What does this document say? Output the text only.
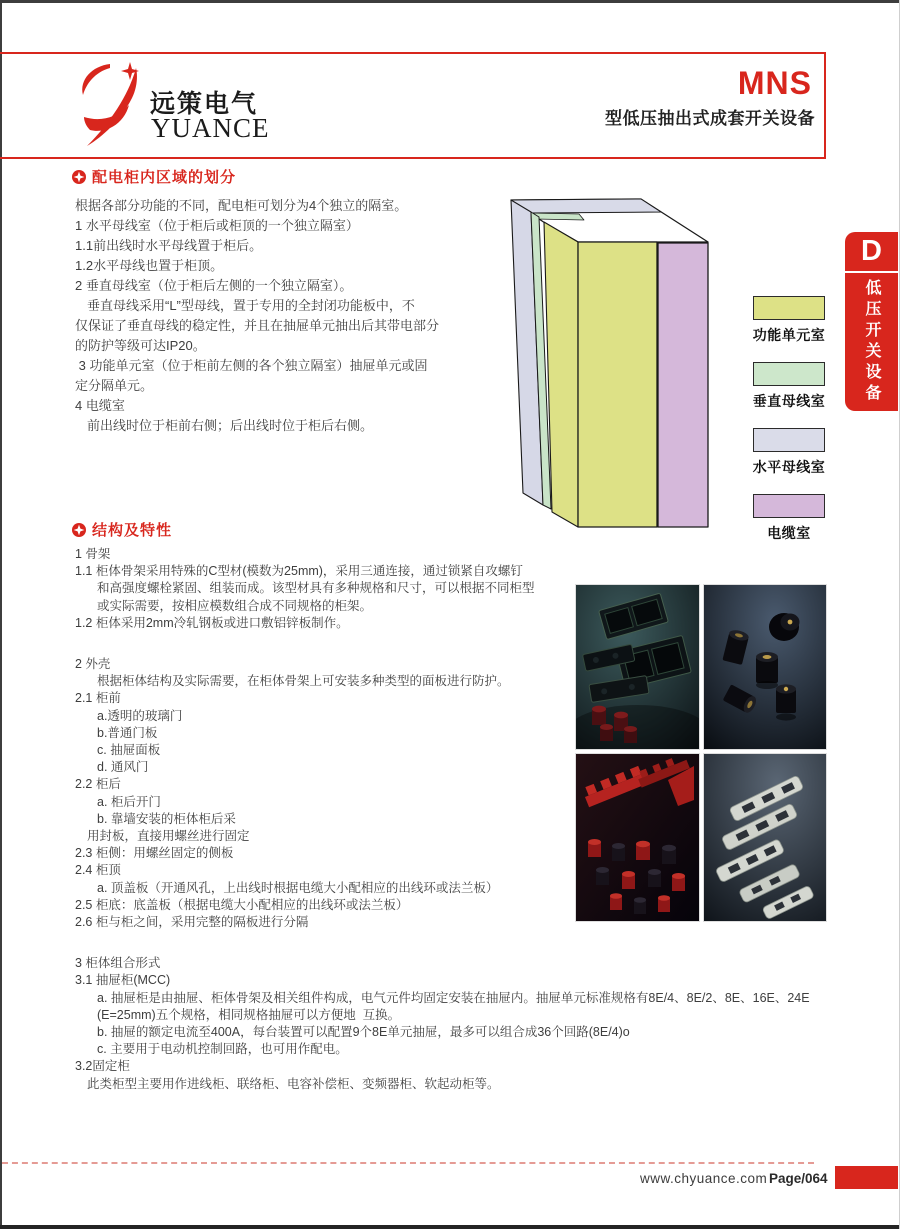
远策电气
YUANCE
MNS
型低压抽出式成套开关设备
配电柜内区域的划分
根据各部分功能的不同，配电柜可划分为4个独立的隔室。
1 水平母线室（位于柜后或柜顶的一个独立隔室）
1.1前出线时水平母线置于柜后。
1.2水平母线也置于柜顶。
2 垂直母线室（位于柜后左侧的一个独立隔室）。
垂直母线采用“L”型母线，置于专用的全封闭功能板中，不
仅保证了垂直母线的稳定性，并且在抽屉单元抽出后其带电部分
的防护等级可达IP20。
3 功能单元室（位于柜前左侧的各个独立隔室）抽屉单元或固
定分隔单元。
4 电缆室
前出线时位于柜前右侧；后出线时位于柜后右侧。
功能单元室
垂直母线室
水平母线室
电缆室
D
低压开关设备
结构及特性
1 骨架
1.1 柜体骨架采用特殊的C型材(模数为25mm)，采用三通连接，通过锁紧自攻螺钉
和高强度螺栓紧固、组装而成。该型材具有多种规格和尺寸，可以根据不同柜型
或实际需要，按相应模数组合成不同规格的柜架。
1.2 柜体采用2mm冷轧钢板或进口敷铝锌板制作。
2 外壳
根据柜体结构及实际需要，在柜体骨架上可安装多种类型的面板进行防护。
2.1 柜前
a.透明的玻璃门
b.普通门板
c. 抽屉面板
d. 通风门
2.2 柜后
a. 柜后开门
b. 靠墙安装的柜体柜后采
用封板，直接用螺丝进行固定
2.3 柜侧：用螺丝固定的侧板
2.4 柜顶
a. 顶盖板（开通风孔，上出线时根据电缆大小配相应的出线环或法兰板）
2.5 柜底：底盖板（根据电缆大小配相应的出线环或法兰板）
2.6 柜与柜之间，采用完整的隔板进行分隔
3 柜体组合形式
3.1 抽屉柜(MCC)
a. 抽屉柜是由抽屉、柜体骨架及相关组件构成，电气元件均固定安装在抽屉内。抽屉单元标准规格有8E/4、8E/2、8E、16E、24E
(E=25mm)五个规格，相同规格抽屉可以方便地  互换。
b. 抽屉的额定电流至400A，每台装置可以配置9个8E单元抽屉，最多可以组合成36个回路(8E/4)o
c. 主要用于电动机控制回路，也可用作配电。
3.2固定柜
此类柜型主要用作进线柜、联络柜、电容补偿柜、变频器柜、软起动柜等。
www.chyuance.com Page/064
